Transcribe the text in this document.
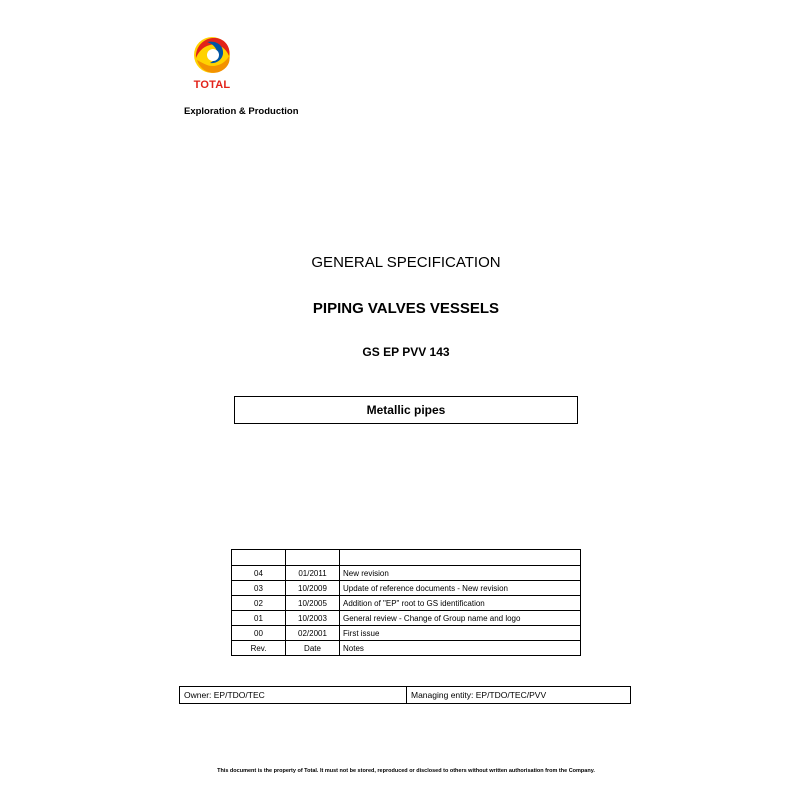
TOTAL
Exploration & Production
GENERAL SPECIFICATION
PIPING VALVES VESSELS
GS EP PVV 143
Metallic pipes

04	01/2011	New revision
03	10/2009	Update of reference documents - New revision
02	10/2005	Addition of "EP" root to GS identification
01	10/2003	General review - Change of Group name and logo
00	02/2001	First issue
Rev.	Date	Notes
Owner: EP/TDO/TEC	Managing entity: EP/TDO/TEC/PVV
This document is the property of Total. It must not be stored, reproduced or disclosed to others without written authorisation from the Company.
